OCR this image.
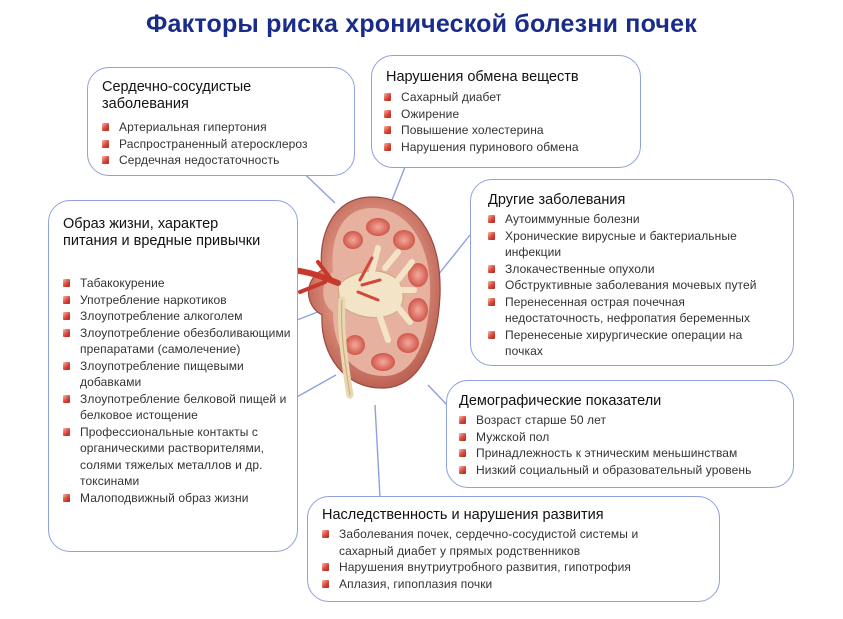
Факторы риска хронической болезни почек
Сердечно-сосудистые заболевания
Артериальная гипертония
Распространенный атеросклероз
Сердечная недостаточность
Нарушения обмена веществ
Сахарный диабет
Ожирение
Повышение холестерина
Нарушения пуринового обмена
Образ жизни, характер питания и вредные привычки
Табакокурение
Употребление наркотиков
Злоупотребление алкоголем
Злоупотребление обезболивающими препаратами (самолечение)
Злоупотребление пищевыми добавками
Злоупотребление белковой пищей и белковое истощение
Профессиональные контакты с органическими растворителями, солями тяжелых металлов и др. токсинами
Малоподвижный образ жизни
Другие заболевания
Аутоиммунные болезни
Хронические вирусные и бактериальные инфекции
Злокачественные опухоли
Обструктивные заболевания мочевых путей
Перенесенная острая почечная недостаточность, нефропатия беременных
Перенесеные хирургические операции на почках
Демографические показатели
Возраст старше 50 лет
Мужской пол
Принадлежность к этническим меньшинствам
Низкий социальный и образовательный уровень
Наследственность и нарушения развития
Заболевания почек, сердечно-сосудистой системы и сахарный диабет у прямых родственников
Нарушения внутриутробного развития, гипотрофия
Аплазия, гипоплазия почки
